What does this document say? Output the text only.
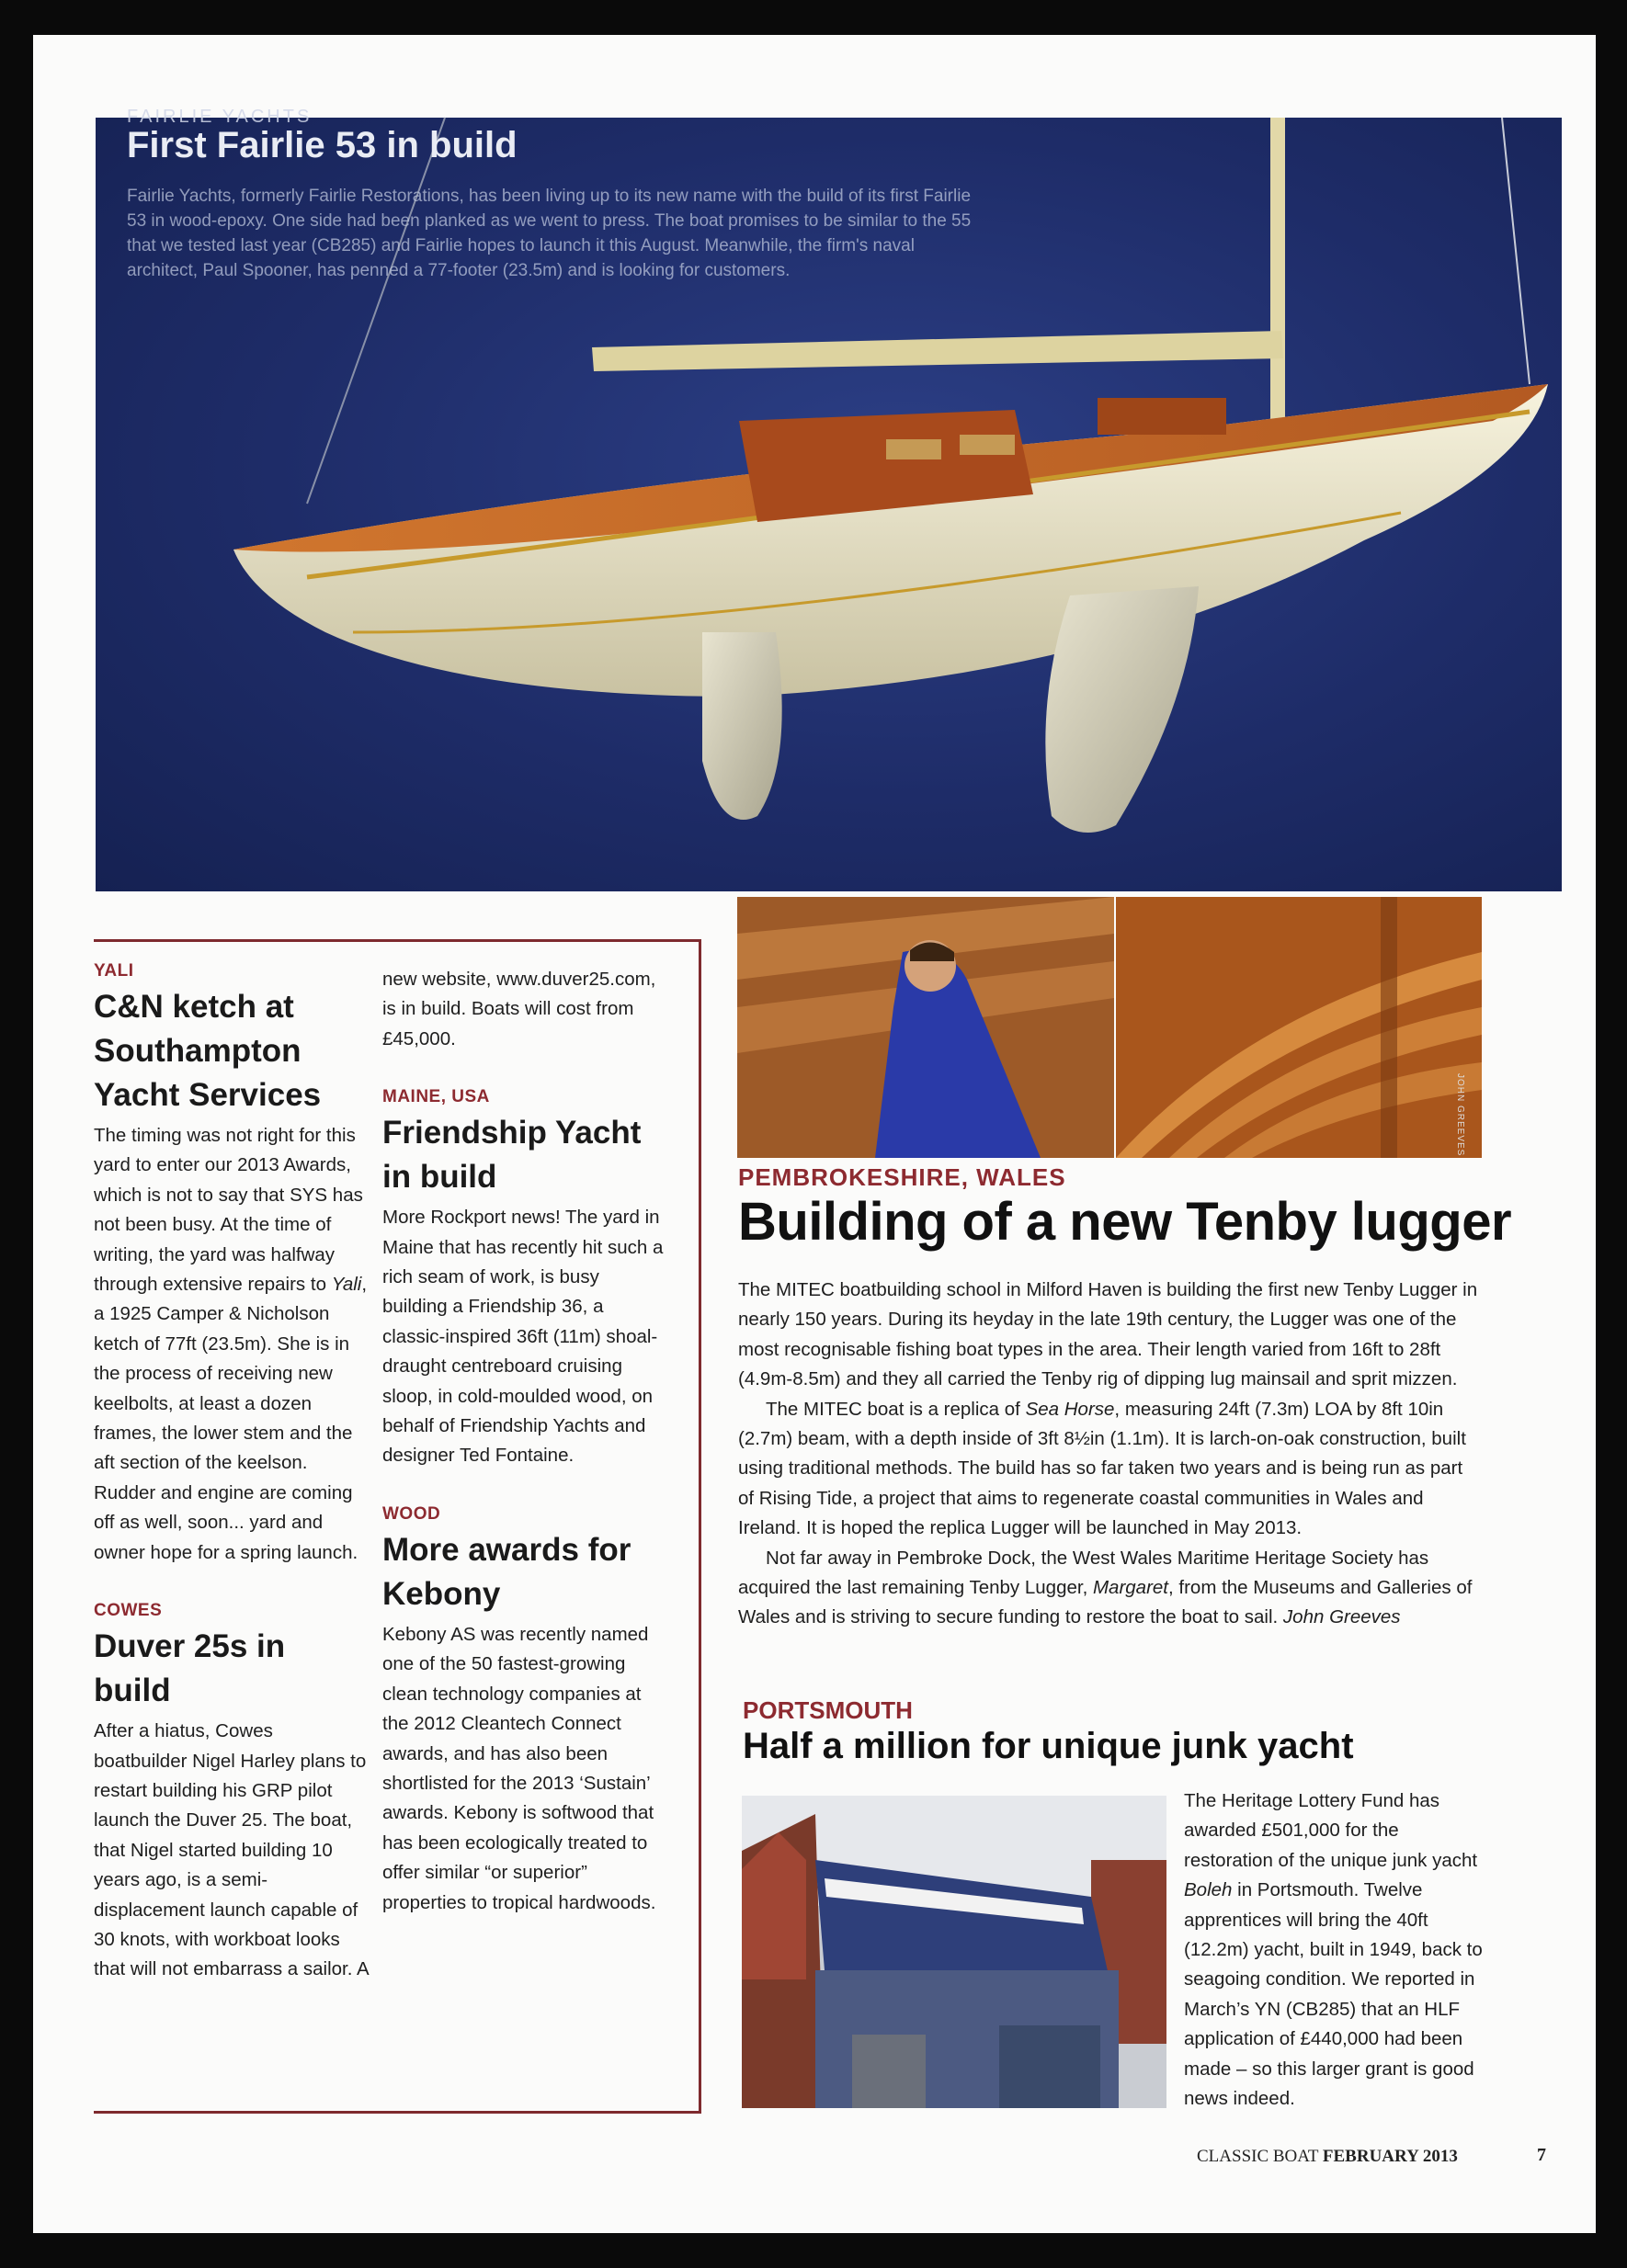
FAIRLIE YACHTS
First Fairlie 53 in build
Fairlie Yachts, formerly Fairlie Restorations, has been living up to its new name with the build of its first Fairlie 53 in wood-epoxy. One side had been planked as we went to press. The boat promises to be similar to the 55 that we tested last year (CB285) and Fairlie hopes to launch it this August. Meanwhile, the firm's naval architect, Paul Spooner, has penned a 77-footer (23.5m) and is looking for customers.
YALI
C&N ketch at Southampton Yacht Services

The timing was not right for this yard to enter our 2013 Awards, which is not to say that SYS has not been busy. At the time of writing, the yard was halfway through extensive repairs to Yali, a 1925 Camper & Nicholson ketch of 77ft (23.5m). She is in the process of receiving new keelbolts, at least a dozen frames, the lower stem and the aft section of the keelson. Rudder and engine are coming off as well, soon... yard and owner hope for a spring launch.

COWES
Duver 25s in build

After a hiatus, Cowes boatbuilder Nigel Harley plans to restart building his GRP pilot launch the Duver 25. The boat, that Nigel started building 10 years ago, is a semi-displacement launch capable of 30 knots, with workboat looks that will not embarrass a sailor. A

new website, www.duver25.com, is in build. Boats will cost from £45,000.

MAINE, USA
Friendship Yacht in build

More Rockport news! The yard in Maine that has recently hit such a rich seam of work, is busy building a Friendship 36, a classic-inspired 36ft (11m) shoal-draught centreboard cruising sloop, in cold-moulded wood, on behalf of Friendship Yachts and designer Ted Fontaine.

WOOD
More awards for Kebony

Kebony AS was recently named one of the 50 fastest-growing clean technology companies at the 2012 Cleantech Connect awards, and has also been shortlisted for the 2013 ‘Sustain’ awards. Kebony is softwood that has been ecologically treated to offer similar “or superior” properties to tropical hardwoods.

JOHN GREEVES
PEMBROKESHIRE, WALES
Building of a new Tenby lugger

The MITEC boatbuilding school in Milford Haven is building the first new Tenby Lugger in nearly 150 years. During its heyday in the late 19th century, the Lugger was one of the most recognisable fishing boat types in the area. Their length varied from 16ft to 28ft (4.9m-8.5m) and they all carried the Tenby rig of dipping lug mainsail and sprit mizzen.

The MITEC boat is a replica of Sea Horse, measuring 24ft (7.3m) LOA by 8ft 10in (2.7m) beam, with a depth inside of 3ft 8½in (1.1m). It is larch-on-oak construction, built using traditional methods. The build has so far taken two years and is being run as part of Rising Tide, a project that aims to regenerate coastal communities in Wales and Ireland. It is hoped the replica Lugger will be launched in May 2013.

Not far away in Pembroke Dock, the West Wales Maritime Heritage Society has acquired the last remaining Tenby Lugger, Margaret, from the Museums and Galleries of Wales and is striving to secure funding to restore the boat to sail. John Greeves

PORTSMOUTH
Half a million for unique junk yacht

The Heritage Lottery Fund has awarded £501,000 for the restoration of the unique junk yacht Boleh in Portsmouth. Twelve apprentices will bring the 40ft (12.2m) yacht, built in 1949, back to seagoing condition. We reported in March’s YN (CB285) that an HLF application of £440,000 had been made – so this larger grant is good news indeed.

CLASSIC BOAT FEBRUARY 2013	7
